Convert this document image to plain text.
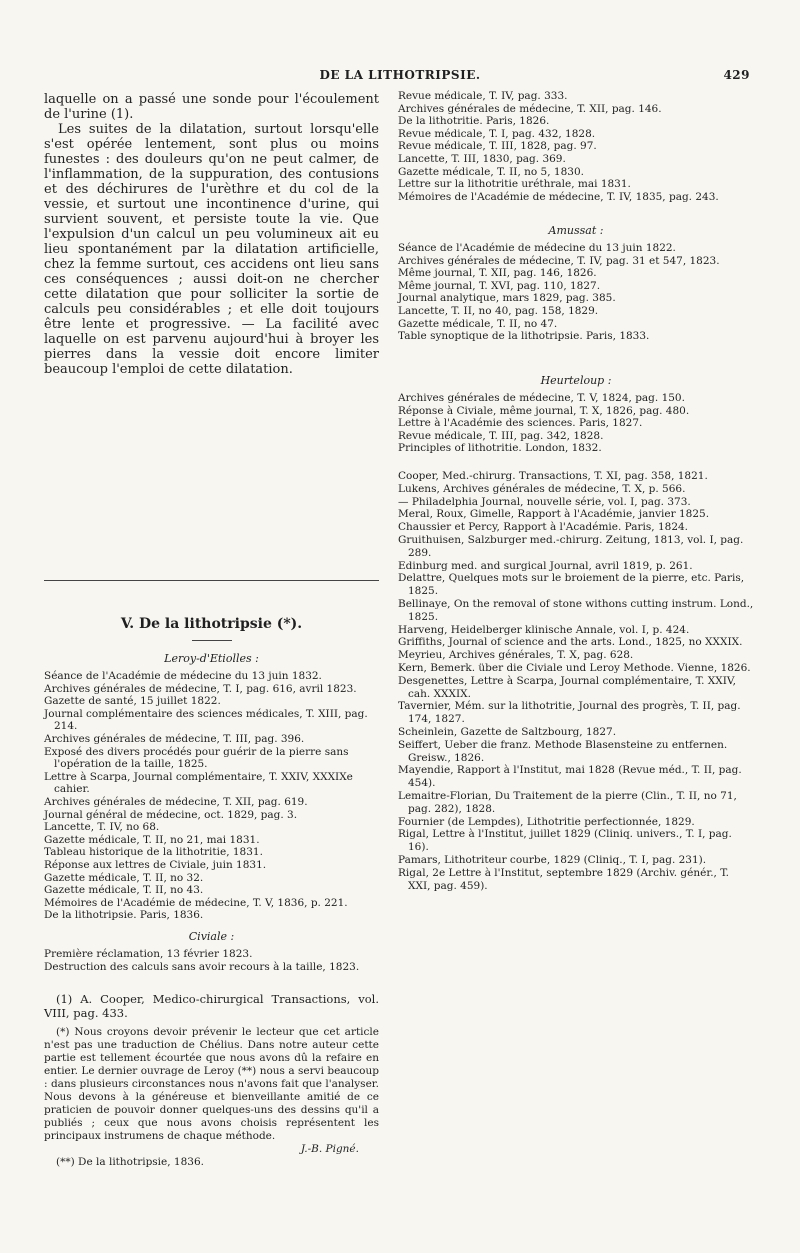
DE LA LITHOTRIPSIE.	429

laquelle on a passé une sonde pour l'écoulement de l'urine (1).

Les suites de la dilatation, surtout lorsqu'elle s'est opérée lentement, sont plus ou moins funestes : des douleurs qu'on ne peut calmer, de l'inflammation, de la suppuration, des contusions et des déchirures de l'urèthre et du col de la vessie, et surtout une incontinence d'urine, qui survient souvent, et persiste toute la vie. Que l'expulsion d'un calcul un peu volumineux ait eu lieu spontanément par la dilatation artificielle, chez la femme surtout, ces accidens ont lieu sans ces conséquences ; aussi doit-on ne chercher cette dilatation que pour solliciter la sortie de calculs peu considérables ; et elle doit toujours être lente et progressive. — La facilité avec laquelle on est parvenu aujourd'hui à broyer les pierres dans la vessie doit encore limiter beaucoup l'emploi de cette dilatation.

V. De la lithotripsie (*).

Leroy-d'Etiolles :

Séance de l'Académie de médecine du 13 juin 1832.
Archives générales de médecine, T. I, pag. 616, avril 1823.
Gazette de santé, 15 juillet 1822.
Journal complémentaire des sciences médicales, T. XIII, pag. 214.
Archives générales de médecine, T. III, pag. 396.
Exposé des divers procédés pour guérir de la pierre sans l'opération de la taille, 1825.
Lettre à Scarpa, Journal complémentaire, T. XXIV, XXXIXe cahier.
Archives générales de médecine, T. XII, pag. 619.
Journal général de médecine, oct. 1829, pag. 3.
Lancette, T. IV, no 68.
Gazette médicale, T. II, no 21, mai 1831.
Tableau historique de la lithotritie, 1831.
Réponse aux lettres de Civiale, juin 1831.
Gazette médicale, T. II, no 32.
Gazette médicale, T. II, no 43.
Mémoires de l'Académie de médecine, T. V, 1836, p. 221.
De la lithotripsie. Paris, 1836.

Civiale :

Première réclamation, 13 février 1823.
Destruction des calculs sans avoir recours à la taille, 1823.

(1) A. Cooper, Medico-chirurgical Transactions, vol. VIII, pag. 433.

(*) Nous croyons devoir prévenir le lecteur que cet article n'est pas une traduction de Chélius. Dans notre auteur cette partie est tellement écourtée que nous avons dû la refaire en entier. Le dernier ouvrage de Leroy (**) nous a servi beaucoup : dans plusieurs circonstances nous n'avons fait que l'analyser. Nous devons à la généreuse et bienveillante amitié de ce praticien de pouvoir donner quelques-uns des dessins qu'il a publiés ; ceux que nous avons choisis représentent les principaux instrumens de chaque méthode.

J.-B. Pigné.

(**) De la lithotripsie, 1836.

Revue médicale, T. IV, pag. 333.
Archives générales de médecine, T. XII, pag. 146.
De la lithotritie. Paris, 1826.
Revue médicale, T. I, pag. 432, 1828.
Revue médicale, T. III, 1828, pag. 97.
Lancette, T. III, 1830, pag. 369.
Gazette médicale, T. II, no 5, 1830.
Lettre sur la lithotritie uréthrale, mai 1831.
Mémoires de l'Académie de médecine, T. IV, 1835, pag. 243.

Amussat :

Séance de l'Académie de médecine du 13 juin 1822.
Archives générales de médecine, T. IV, pag. 31 et 547, 1823.
Même journal, T. XII, pag. 146, 1826.
Même journal, T. XVI, pag. 110, 1827.
Journal analytique, mars 1829, pag. 385.
Lancette, T. II, no 40, pag. 158, 1829.
Gazette médicale, T. II, no 47.
Table synoptique de la lithotripsie. Paris, 1833.

Heurteloup :

Archives générales de médecine, T. V, 1824, pag. 150.
Réponse à Civiale, même journal, T. X, 1826, pag. 480.
Lettre à l'Académie des sciences. Paris, 1827.
Revue médicale, T. III, pag. 342, 1828.
Principles of lithotritie. London, 1832.
Cooper, Med.-chirurg. Transactions, T. XI, pag. 358, 1821.
Lukens, Archives générales de médecine, T. X, p. 566.
— Philadelphia Journal, nouvelle série, vol. I, pag. 373.
Meral, Roux, Gimelle, Rapport à l'Académie, janvier 1825.
Chaussier et Percy, Rapport à l'Académie. Paris, 1824.
Gruithuisen, Salzburger med.-chirurg. Zeitung, 1813, vol. I, pag. 289.
Edinburg med. and surgical Journal, avril 1819, p. 261.
Delattre, Quelques mots sur le broiement de la pierre, etc. Paris, 1825.
Bellinaye, On the removal of stone withons cutting instrum. Lond., 1825.
Harveng, Heidelberger klinische Annale, vol. I, p. 424.
Griffiths, Journal of science and the arts. Lond., 1825, no XXXIX.
Meyrieu, Archives générales, T. X, pag. 628.
Kern, Bemerk. über die Civiale und Leroy Methode. Vienne, 1826.
Desgenettes, Lettre à Scarpa, Journal complémentaire, T. XXIV, cah. XXXIX.
Tavernier, Mém. sur la lithotritie, Journal des progrès, T. II, pag. 174, 1827.
Scheinlein, Gazette de Saltzbourg, 1827.
Seiffert, Ueber die franz. Methode Blasensteine zu entfernen. Greisw., 1826.
Mayendie, Rapport à l'Institut, mai 1828 (Revue méd., T. II, pag. 454).
Lemaitre-Florian, Du Traitement de la pierre (Clin., T. II, no 71, pag. 282), 1828.
Fournier (de Lempdes), Lithotritie perfectionnée, 1829.
Rigal, Lettre à l'Institut, juillet 1829 (Cliniq. univers., T. I, pag. 16).
Pamars, Lithotriteur courbe, 1829 (Cliniq., T. I, pag. 231).
Rigal, 2e Lettre à l'Institut, septembre 1829 (Archiv. génér., T. XXI, pag. 459).
